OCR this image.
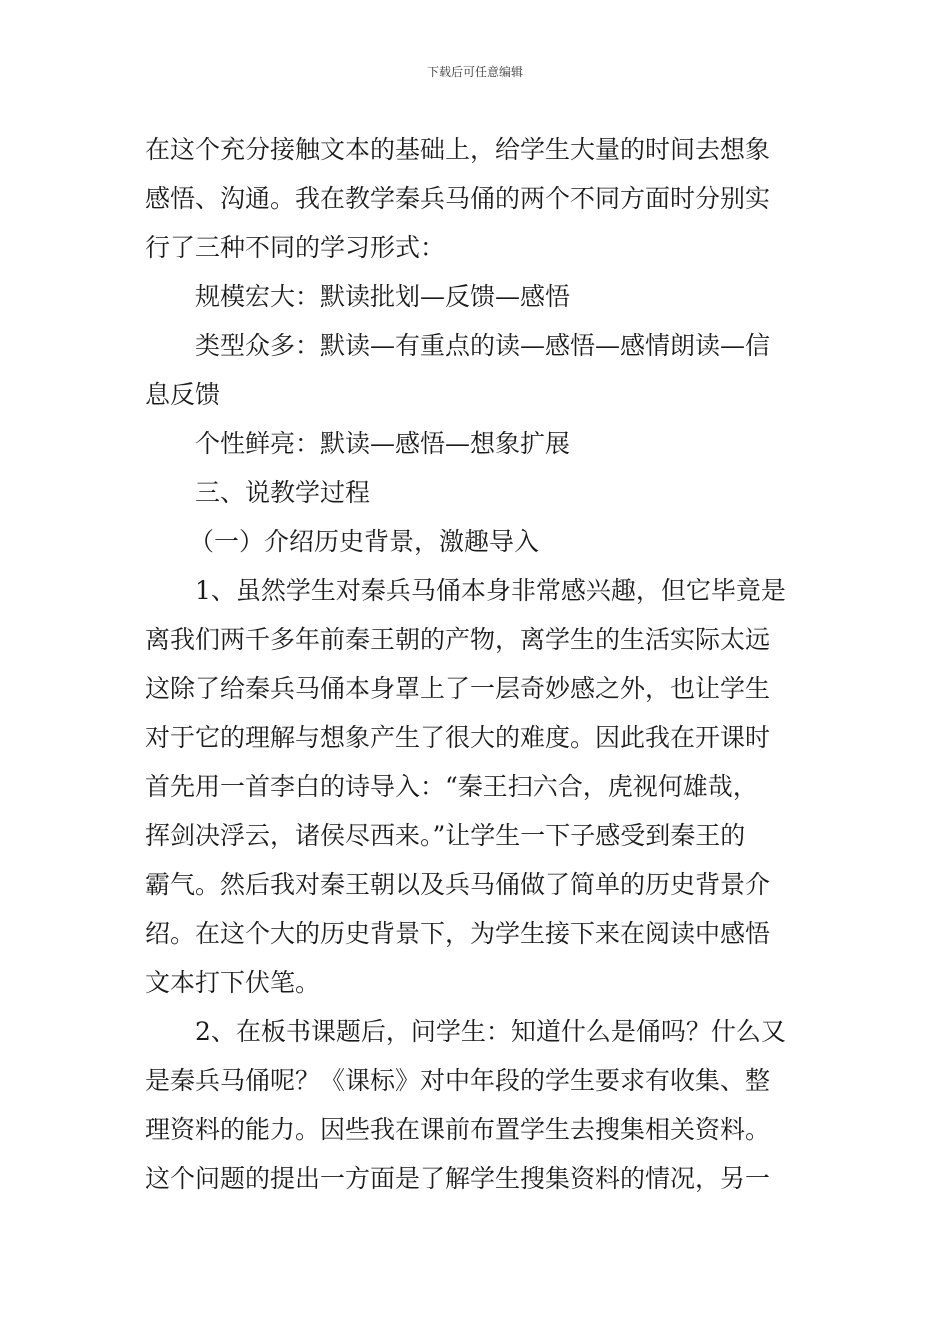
下载后可任意编辑
在这个充分接触文本的基础上，给学生大量的时间去想象
感悟、沟通。我在教学秦兵马俑的两个不同方面时分别实
行了三种不同的学习形式：
规模宏大：默读批划—反馈—感悟
类型众多：默读—有重点的读—感悟—感情朗读—信
息反馈
个性鲜亮：默读—感悟—想象扩展
三、说教学过程
（一）介绍历史背景，激趣导入
1、虽然学生对秦兵马俑本身非常感兴趣，但它毕竟是
离我们两千多年前秦王朝的产物，离学生的生活实际太远
这除了给秦兵马俑本身罩上了一层奇妙感之外，也让学生
对于它的理解与想象产生了很大的难度。因此我在开课时
首先用一首李白的诗导入：“秦王扫六合，虎视何雄哉，
挥剑决浮云，诸侯尽西来。”让学生一下子感受到秦王的
霸气。然后我对秦王朝以及兵马俑做了简单的历史背景介
绍。在这个大的历史背景下，为学生接下来在阅读中感悟
文本打下伏笔。
2、在板书课题后，问学生：知道什么是俑吗？什么又
是秦兵马俑呢？《课标》对中年段的学生要求有收集、整
理资料的能力。因些我在课前布置学生去搜集相关资料。
这个问题的提出一方面是了解学生搜集资料的情况，另一
